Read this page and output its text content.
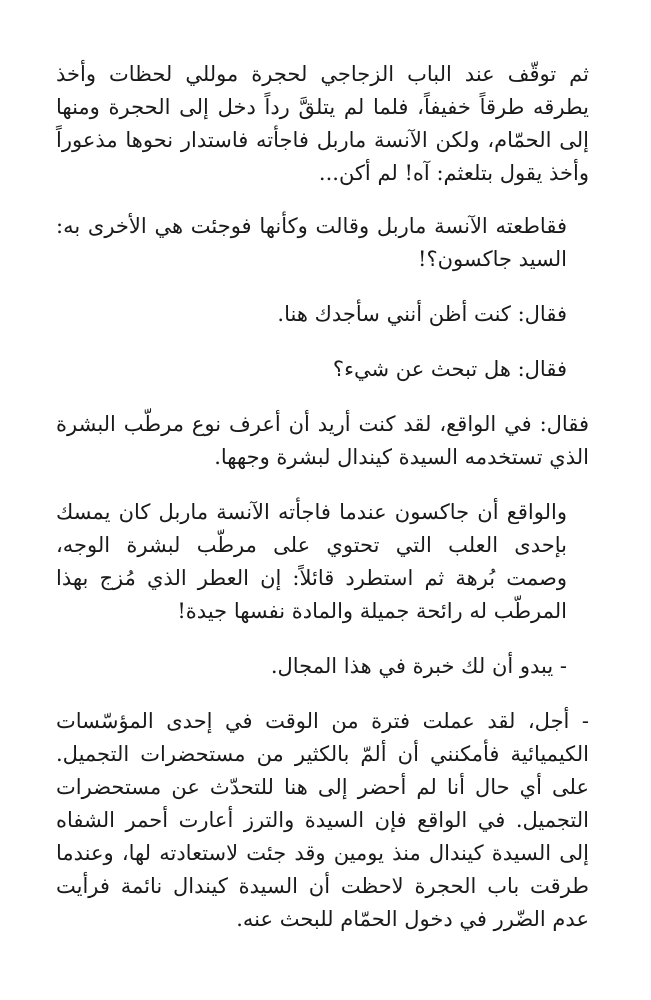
ثم توقّف عند الباب الزجاجي لحجرة موللي لحظات وأخذ يطرقه طرقاً خفيفاً، فلما لم يتلقَّ رداً دخل إلى الحجرة ومنها إلى الحمّام، ولكن الآنسة ماربل فاجأته فاستدار نحوها مذعوراً وأخذ يقول بتلعثم: آه! لم أكن...

فقاطعته الآنسة ماربل وقالت وكأنها فوجئت هي الأخرى به: السيد جاكسون؟!

فقال: كنت أظن أنني سأجدك هنا.

فقال: هل تبحث عن شيء؟

فقال: في الواقع، لقد كنت أريد أن أعرف نوع مرطّب البشرة الذي تستخدمه السيدة كيندال لبشرة وجهها.

والواقع أن جاكسون عندما فاجأته الآنسة ماربل كان يمسك بإحدى العلب التي تحتوي على مرطّب لبشرة الوجه، وصمت بُرهة ثم استطرد قائلاً: إن العطر الذي مُزج بهذا المرطّب له رائحة جميلة والمادة نفسها جيدة!

- يبدو أن لك خبرة في هذا المجال.

- أجل، لقد عملت فترة من الوقت في إحدى المؤسّسات الكيميائية فأمكنني أن ألمّ بالكثير من مستحضرات التجميل. على أي حال أنا لم أحضر إلى هنا للتحدّث عن مستحضرات التجميل. في الواقع فإن السيدة والترز أعارت أحمر الشفاه إلى السيدة كيندال منذ يومين وقد جئت لاستعادته لها، وعندما طرقت باب الحجرة لاحظت أن السيدة كيندال نائمة فرأيت عدم الضّرر في دخول الحمّام للبحث عنه.
